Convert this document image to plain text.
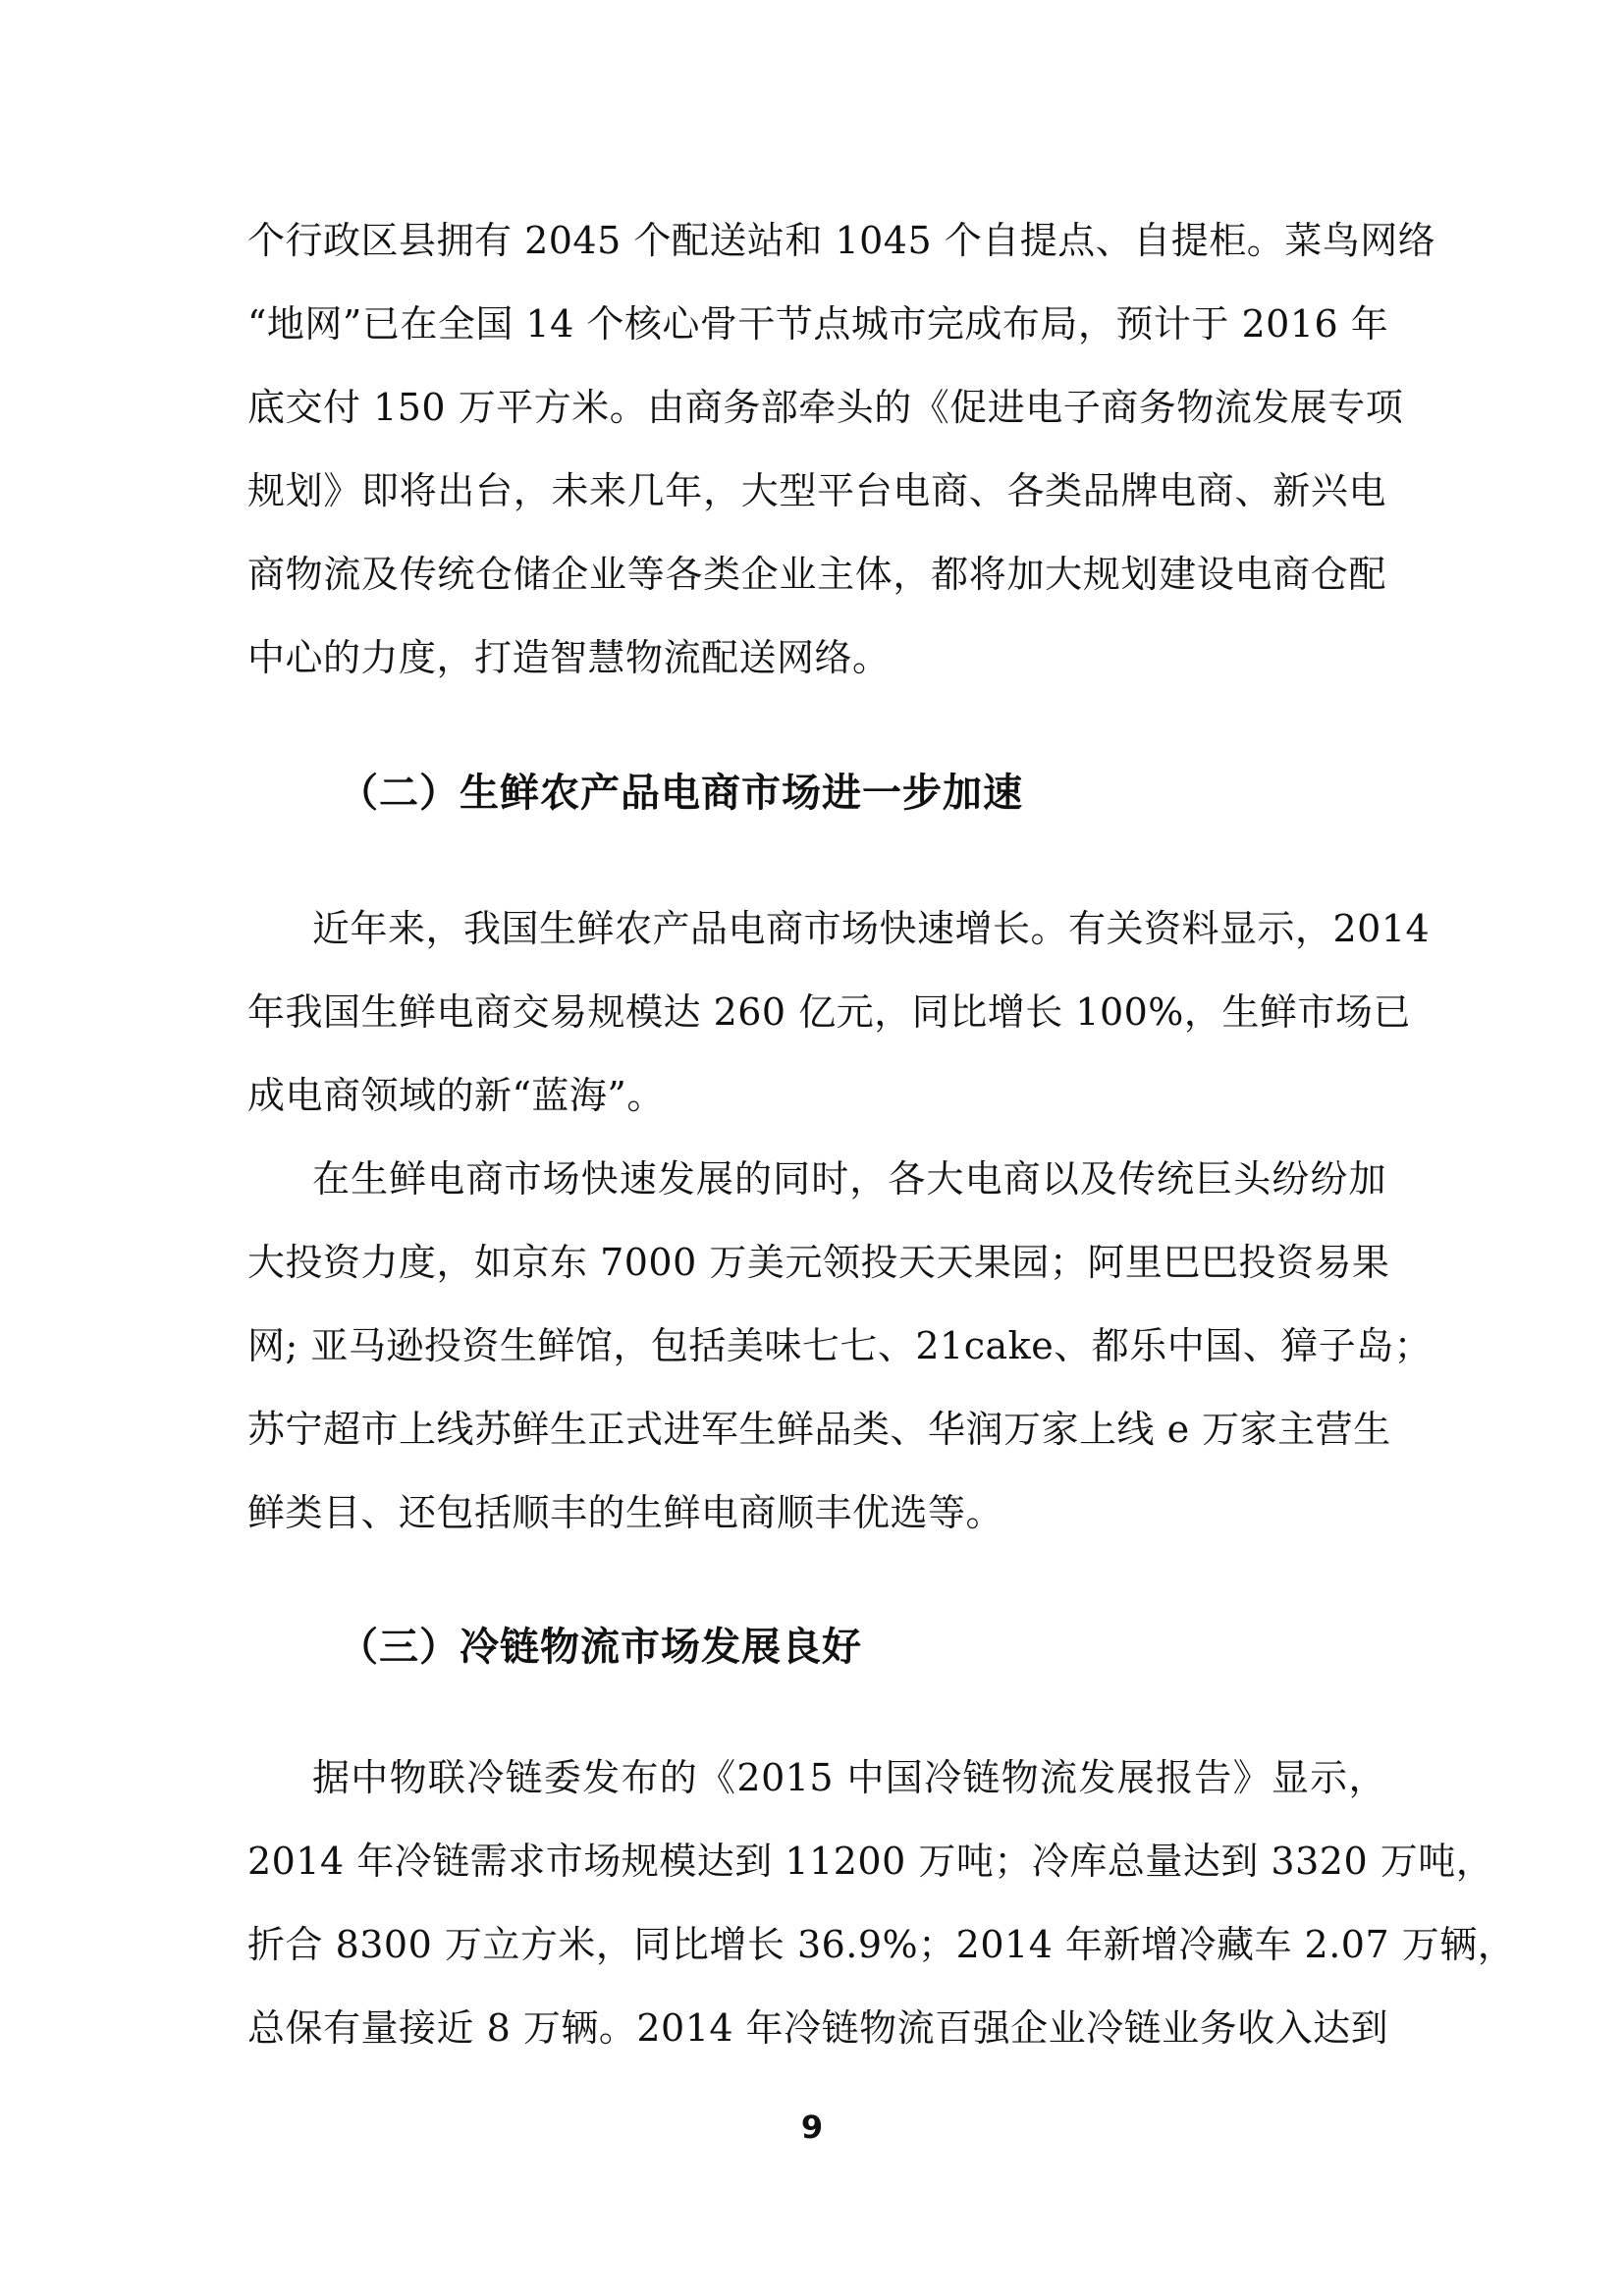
个行政区县拥有 2045 个配送站和 1045 个自提点、自提柜。菜鸟网络
“地网”已在全国 14 个核心骨干节点城市完成布局，预计于 2016 年
底交付 150 万平方米。由商务部牵头的《促进电子商务物流发展专项
规划》即将出台，未来几年，大型平台电商、各类品牌电商、新兴电
商物流及传统仓储企业等各类企业主体，都将加大规划建设电商仓配
中心的力度，打造智慧物流配送网络。
（二）生鲜农产品电商市场进一步加速
近年来，我国生鲜农产品电商市场快速增长。有关资料显示，2014
年我国生鲜电商交易规模达 260 亿元，同比增长 100%，生鲜市场已
成电商领域的新“蓝海”。
在生鲜电商市场快速发展的同时，各大电商以及传统巨头纷纷加
大投资力度，如京东 7000 万美元领投天天果园；阿里巴巴投资易果
网; 亚马逊投资生鲜馆，包括美味七七、21cake、都乐中国、獐子岛；
苏宁超市上线苏鲜生正式进军生鲜品类、华润万家上线 e 万家主营生
鲜类目、还包括顺丰的生鲜电商顺丰优选等。
（三）冷链物流市场发展良好
据中物联冷链委发布的《2015 中国冷链物流发展报告》显示，
2014 年冷链需求市场规模达到 11200 万吨；冷库总量达到 3320 万吨，
折合 8300 万立方米，同比增长 36.9%；2014 年新增冷藏车 2.07 万辆，
总保有量接近 8 万辆。2014 年冷链物流百强企业冷链业务收入达到
9
